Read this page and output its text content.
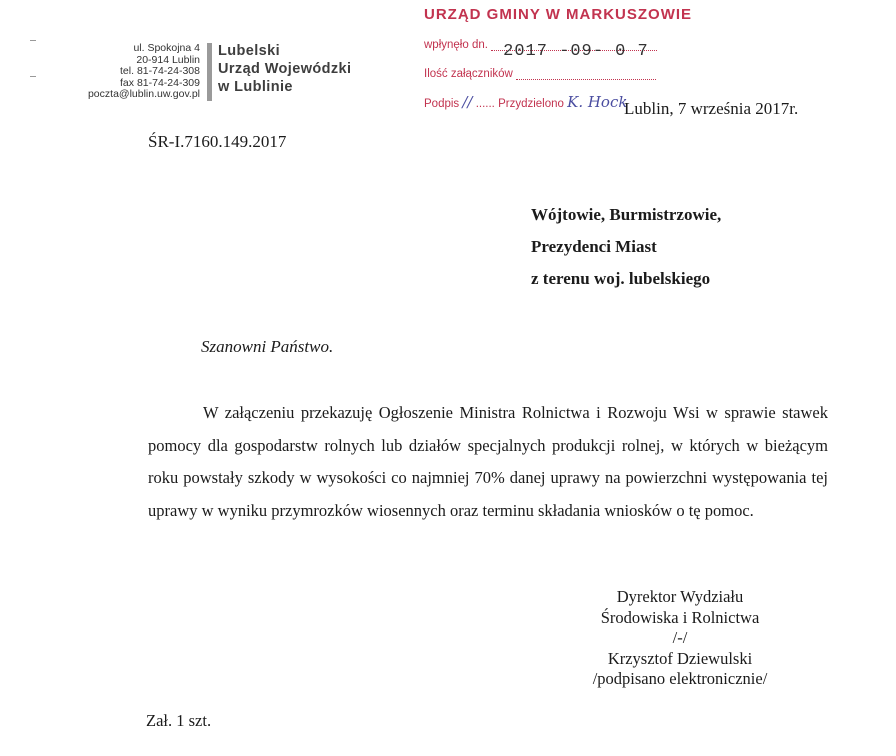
ul. Spokojna 4
20-914 Lublin
tel. 81-74-24-308
fax 81-74-24-309
poczta@lublin.uw.gov.pl
Lubelski
Urząd Wojewódzki
w Lublinie
URZĄD GMINY W MARKUSZOWIE
wpłynęło dn. 2017 -09- 0 7
Ilość załączników
Podpis // ...... Przydzielono K. Hock
Lublin, 7 września 2017r.
ŚR-I.7160.149.2017
Wójtowie, Burmistrzowie,
Prezydenci Miast
z terenu woj. lubelskiego
Szanowni Państwo.
W załączeniu przekazuję Ogłoszenie Ministra Rolnictwa i Rozwoju Wsi w sprawie stawek pomocy dla gospodarstw rolnych lub działów specjalnych produkcji rolnej, w których w bieżącym roku powstały szkody w wysokości co najmniej 70% danej uprawy na powierzchni występowania tej uprawy w wyniku przymrozków wiosennych oraz terminu składania wniosków o tę pomoc.
Dyrektor Wydziału
Środowiska i Rolnictwa
/-/
Krzysztof Dziewulski
/podpisano elektronicznie/
Zał. 1 szt.
